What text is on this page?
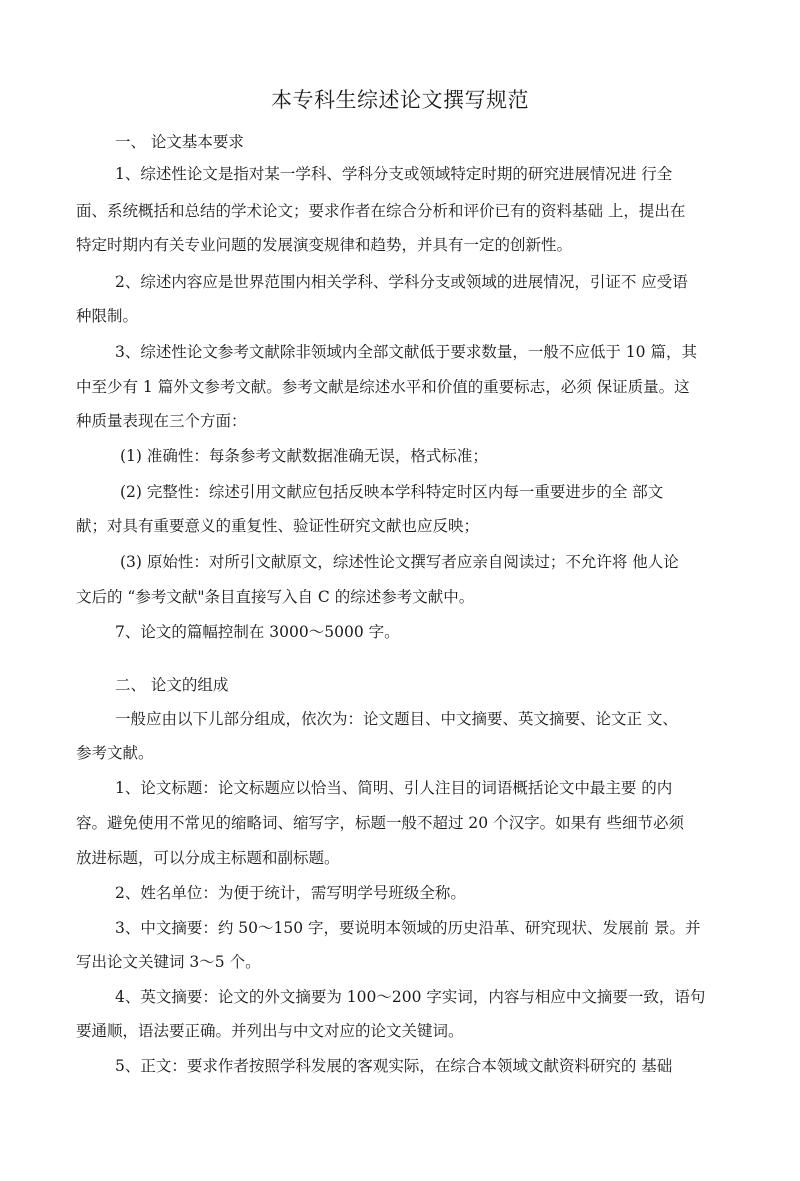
本专科生综述论文撰写规范
一、 论文基本要求
1、综述性论文是指对某一学科、学科分支或领域特定时期的研究进展情况进 行全
面、系统概括和总结的学术论文；要求作者在综合分析和评价已有的资料基础 上，提出在
特定时期内有关专业问题的发展演变规律和趋势，并具有一定的创新性。
2、综述内容应是世界范围内相关学科、学科分支或领域的进展情况，引证不 应受语
种限制。
3、综述性论文参考文献除非领域内全部文献低于要求数量，一般不应低于 10 篇，其
中至少有 1 篇外文参考文献。参考文献是综述水平和价值的重要标志，必须 保证质量。这
种质量表现在三个方面：
(1) 准确性：每条参考文献数据准确无误，格式标准；
(2) 完整性：综述引用文献应包括反映本学科特定时区内每一重要进步的全 部文
献；对具有重要意义的重复性、验证性研究文献也应反映；
(3) 原始性：对所引文献原文，综述性论文撰写者应亲自阅读过；不允许将 他人论
文后的 “参考文献"条目直接写入自 C 的综述参考文献中。
7、论文的篇幅控制在 3000～5000 字。
二、 论文的组成
一般应由以下儿部分组成，依次为：论文题目、中文摘要、英文摘要、论文正 文、
参考文献。
1、论文标题：论文标题应以恰当、简明、引人注目的词语概括论文中最主要 的内
容。避免使用不常见的缩略词、缩写字，标题一般不超过 20 个汉字。如果有 些细节必须
放进标题，可以分成主标题和副标题。
2、姓名单位：为便于统计，需写明学号班级全称。
3、中文摘要：约 50～150 字，要说明本领域的历史沿革、研究现状、发展前 景。并
写出论文关键词 3～5 个。
4、英文摘要：论文的外文摘要为 100～200 字实词，内容与相应中文摘要一致，语句
要通顺，语法要正确。并列出与中文对应的论文关键词。
5、正文：要求作者按照学科发展的客观实际，在综合本领域文献资料研究的 基础
